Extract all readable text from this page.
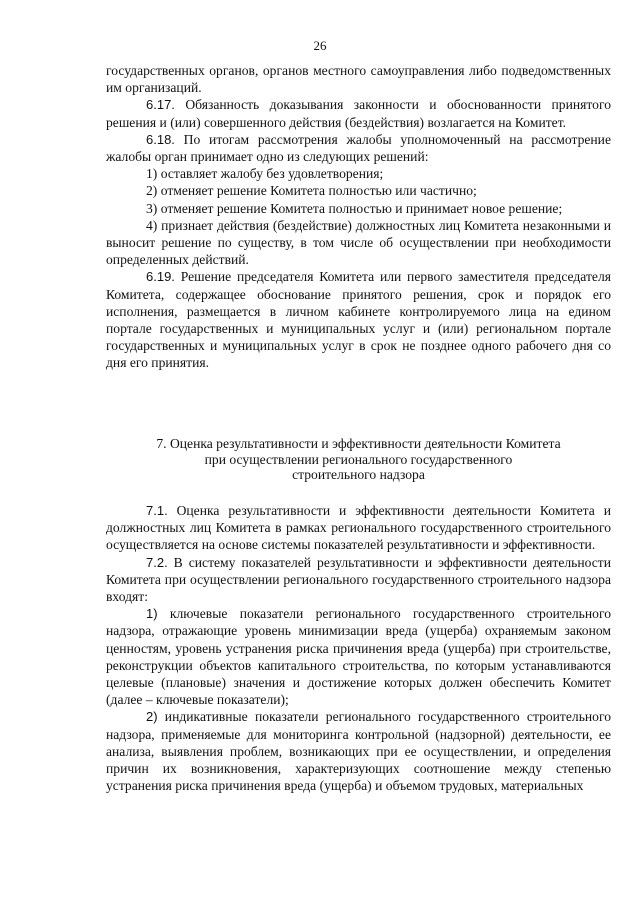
26

государственных органов, органов местного самоуправления либо подведомственных им организаций.

6.17. Обязанность доказывания законности и обоснованности принятого решения и (или) совершенного действия (бездействия) возлагается на Комитет.

6.18. По итогам рассмотрения жалобы уполномоченный на рассмотрение жалобы орган принимает одно из следующих решений:

1) оставляет жалобу без удовлетворения;

2) отменяет решение Комитета полностью или частично;

3) отменяет решение Комитета полностью и принимает новое решение;

4) признает действия (бездействие) должностных лиц Комитета незаконными и выносит решение по существу, в том числе об осуществлении при необходимости определенных действий.

6.19. Решение председателя Комитета или первого заместителя председателя Комитета, содержащее обоснование принятого решения, срок и порядок его исполнения, размещается в личном кабинете контролируемого лица на едином портале государственных и муниципальных услуг и (или) региональном портале государственных и муниципальных услуг в срок не позднее одного рабочего дня со дня его принятия.

7. Оценка результативности и эффективности деятельности Комитета
при осуществлении регионального государственного
строительного надзора

7.1. Оценка результативности и эффективности деятельности Комитета и должностных лиц Комитета в рамках регионального государственного строительного осуществляется на основе системы показателей результативности и эффективности.

7.2. В систему показателей результативности и эффективности деятельности Комитета при осуществлении регионального государственного строительного надзора входят:

1) ключевые показатели регионального государственного строительного надзора, отражающие уровень минимизации вреда (ущерба) охраняемым законом ценностям, уровень устранения риска причинения вреда (ущерба) при строительстве, реконструкции объектов капитального строительства, по которым устанавливаются целевые (плановые) значения и достижение которых должен обеспечить Комитет (далее – ключевые показатели);

2) индикативные показатели регионального государственного строительного надзора, применяемые для мониторинга контрольной (надзорной) деятельности, ее анализа, выявления проблем, возникающих при ее осуществлении, и определения причин их возникновения, характеризующих соотношение между степенью устранения риска причинения вреда (ущерба) и объемом трудовых, материальных
